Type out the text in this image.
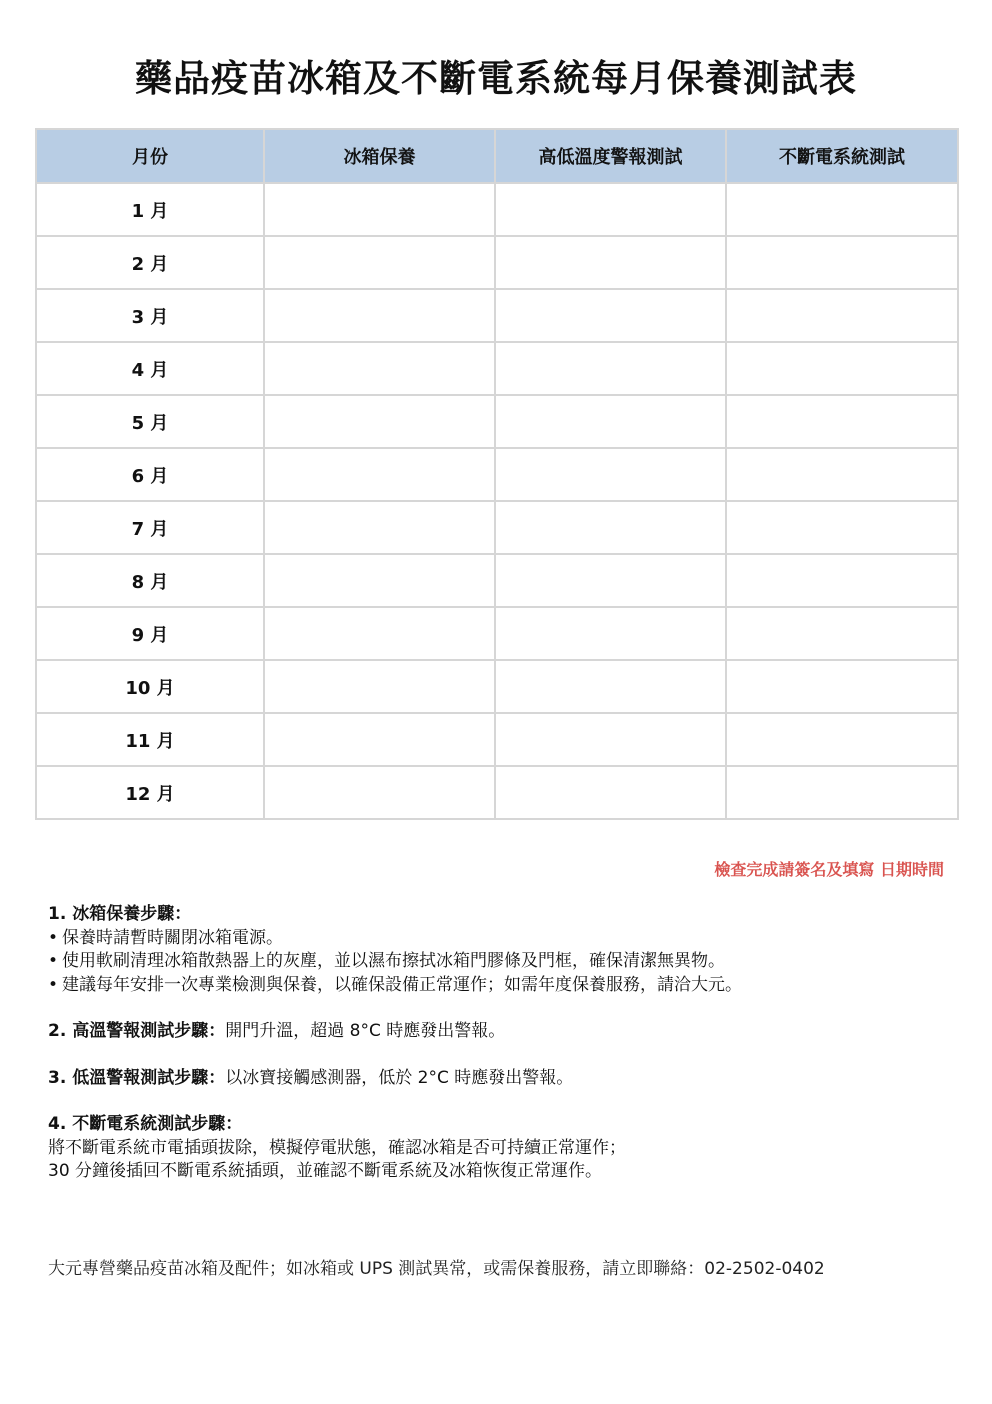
藥品疫苗冰箱及不斷電系統每月保養測試表
月份	冰箱保養	高低溫度警報測試	不斷電系統測試
1 月			
2 月			
3 月			
4 月			
5 月			
6 月			
7 月			
8 月			
9 月			
10 月			
11 月			
12 月			
檢查完成請簽名及填寫 日期時間
1. 冰箱保養步驟：
• 保養時請暫時關閉冰箱電源。
• 使用軟刷清理冰箱散熱器上的灰塵，並以濕布擦拭冰箱門膠條及門框，確保清潔無異物。
• 建議每年安排一次專業檢測與保養，以確保設備正常運作；如需年度保養服務，請洽大元。
2. 高溫警報測試步驟：開門升溫，超過 8°C 時應發出警報。
3. 低溫警報測試步驟：以冰寶接觸感測器，低於 2°C 時應發出警報。
4. 不斷電系統測試步驟：
將不斷電系統市電插頭拔除，模擬停電狀態，確認冰箱是否可持續正常運作；
30 分鐘後插回不斷電系統插頭，並確認不斷電系統及冰箱恢復正常運作。
大元專營藥品疫苗冰箱及配件；如冰箱或 UPS 測試異常，或需保養服務，請立即聯絡：02-2502-0402
